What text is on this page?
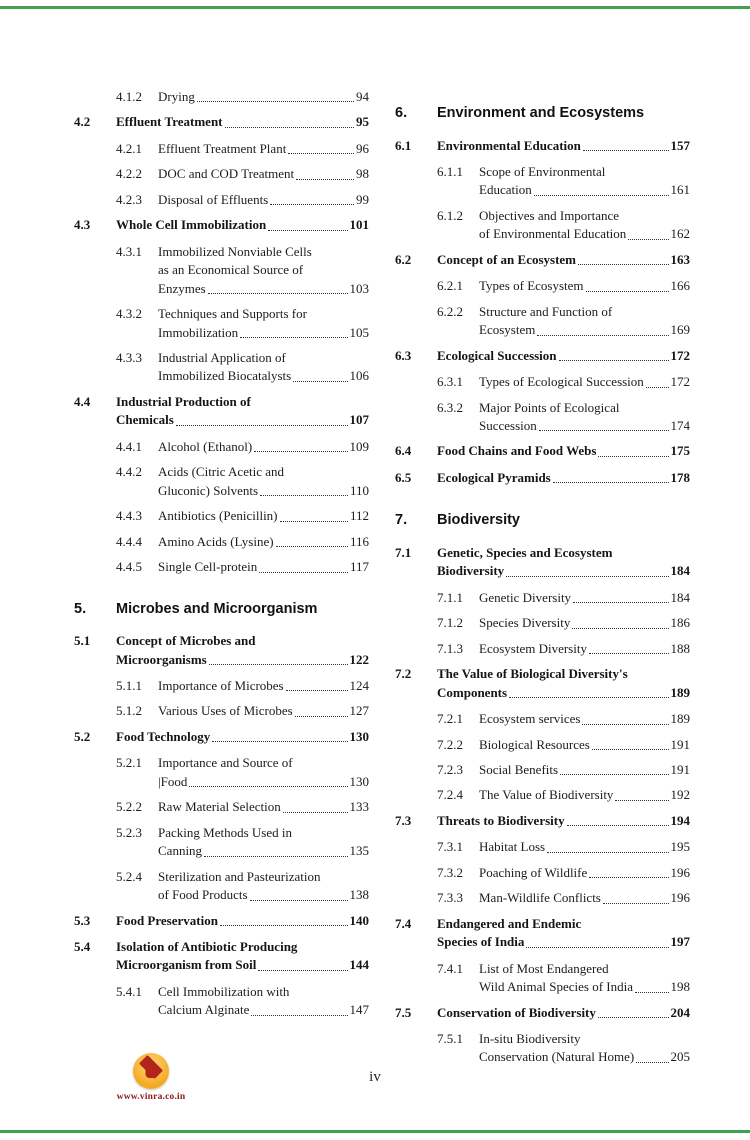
4.1.2	Drying	94
4.2	Effluent Treatment	95
4.2.1	Effluent Treatment Plant	96
4.2.2	DOC and COD Treatment	98
4.2.3	Disposal of Effluents	99
4.3	Whole Cell Immobilization	101
4.3.1	Immobilized Nonviable Cells
as an Economical Source of
Enzymes	103
4.3.2	Techniques and Supports for
Immobilization	105
4.3.3	Industrial Application of
Immobilized Biocatalysts	106
4.4	Industrial Production of
Chemicals	107
4.4.1	Alcohol (Ethanol)	109
4.4.2	Acids (Citric Acetic and
Gluconic) Solvents	110
4.4.3	Antibiotics (Penicillin)	112
4.4.4	Amino Acids (Lysine)	116
4.4.5	Single Cell-protein	117
5.	Microbes and Microorganism
5.1	Concept of Microbes and
Microorganisms	122
5.1.1	Importance of Microbes	124
5.1.2	Various Uses of Microbes	127
5.2	Food Technology	130
5.2.1	Importance and Source of
|Food	130
5.2.2	Raw Material Selection	133
5.2.3	Packing Methods Used in
Canning	135
5.2.4	Sterilization and Pasteurization
of Food Products	138
5.3	Food Preservation	140
5.4	Isolation of Antibiotic Producing
Microorganism from Soil	144
5.4.1	Cell Immobilization with
Calcium Alginate	147
6.	Environment and Ecosystems
6.1	Environmental Education	157
6.1.1	Scope of Environmental
Education	161
6.1.2	Objectives and Importance
of Environmental Education	162
6.2	Concept of an Ecosystem	163
6.2.1	Types of Ecosystem	166
6.2.2	Structure and Function of
Ecosystem	169
6.3	Ecological Succession	172
6.3.1	Types of Ecological Succession 172
6.3.2	Major Points of Ecological
Succession	174
6.4	Food Chains and Food Webs	175
6.5	Ecological Pyramids	178
7.	Biodiversity
7.1	Genetic, Species and Ecosystem
Biodiversity	184
7.1.1	Genetic Diversity	184
7.1.2	Species Diversity	186
7.1.3	Ecosystem Diversity	188
7.2	The Value of Biological Diversity's
Components	189
7.2.1	Ecosystem services	189
7.2.2	Biological Resources	191
7.2.3	Social Benefits	191
7.2.4	The Value of Biodiversity	192
7.3	Threats to Biodiversity	194
7.3.1	Habitat Loss	195
7.3.2	Poaching of Wildlife	196
7.3.3	Man-Wildlife Conflicts	196
7.4	Endangered and Endemic
Species of India	197
7.4.1	List of Most Endangered
Wild Animal Species of India	198
7.5	Conservation of Biodiversity	204
7.5.1	In-situ Biodiversity
Conservation (Natural Home)	205
www.vinra.co.in
iv
